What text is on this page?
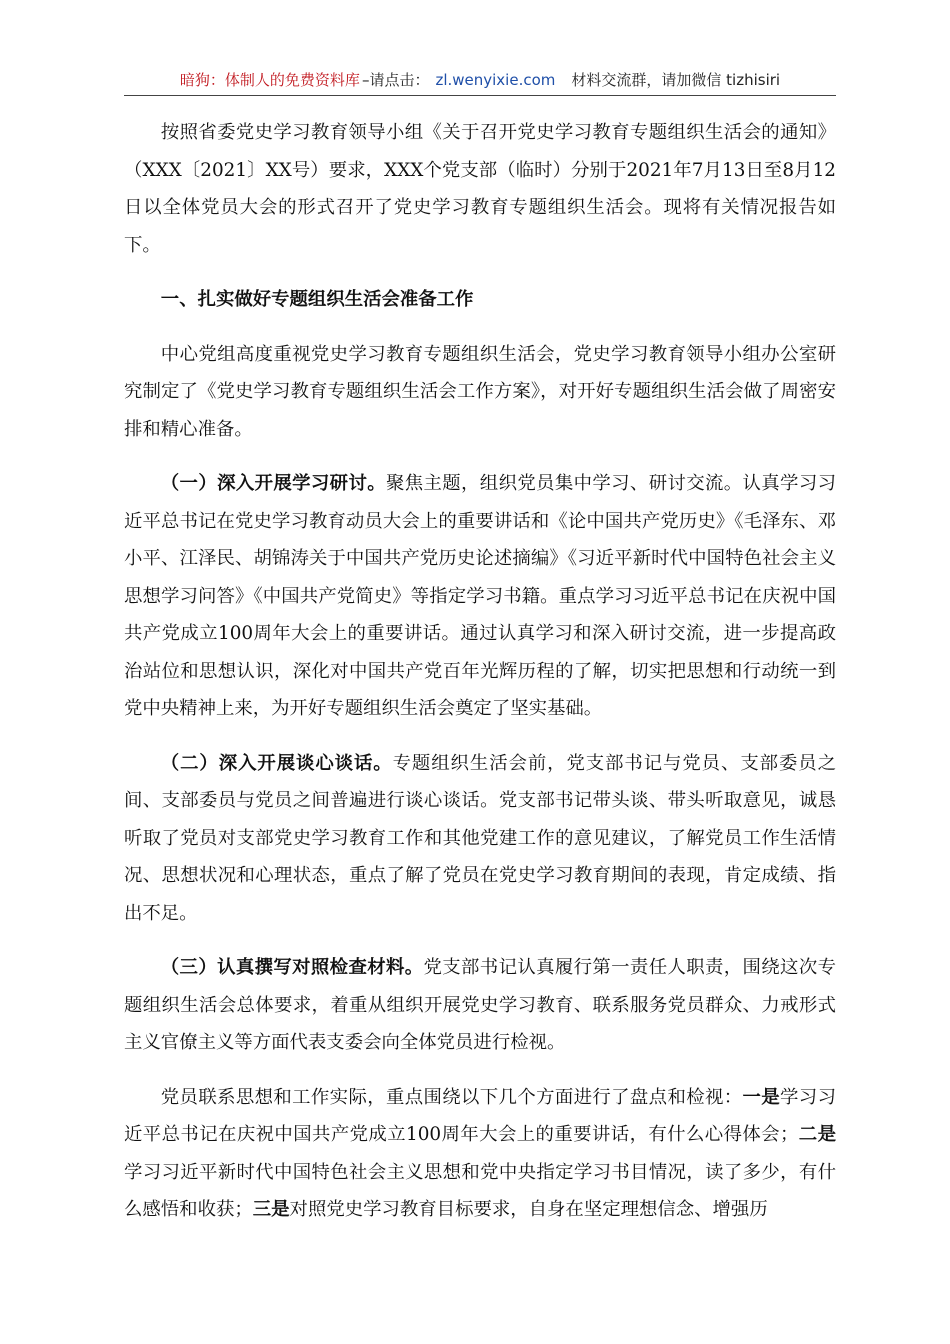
暗狗：体制人的免费资料库 –请点击： zl.wenyixie.com 材料交流群，请加微信 tizhisiri

按照省委党史学习教育领导小组《关于召开党史学习教育专题组织生活会的通知》（XXX〔2021〕XX号）要求，XXX个党支部（临时）分别于2021年7月13日至8月12日以全体党员大会的形式召开了党史学习教育专题组织生活会。现将有关情况报告如下。

一、扎实做好专题组织生活会准备工作

中心党组高度重视党史学习教育专题组织生活会，党史学习教育领导小组办公室研究制定了《党史学习教育专题组织生活会工作方案》，对开好专题组织生活会做了周密安排和精心准备。

（一）深入开展学习研讨。聚焦主题，组织党员集中学习、研讨交流。认真学习习近平总书记在党史学习教育动员大会上的重要讲话和《论中国共产党历史》《毛泽东、邓小平、江泽民、胡锦涛关于中国共产党历史论述摘编》《习近平新时代中国特色社会主义思想学习问答》《中国共产党简史》等指定学习书籍。重点学习习近平总书记在庆祝中国共产党成立100周年大会上的重要讲话。通过认真学习和深入研讨交流，进一步提高政治站位和思想认识，深化对中国共产党百年光辉历程的了解，切实把思想和行动统一到党中央精神上来，为开好专题组织生活会奠定了坚实基础。

（二）深入开展谈心谈话。专题组织生活会前，党支部书记与党员、支部委员之间、支部委员与党员之间普遍进行谈心谈话。党支部书记带头谈、带头听取意见，诚恳听取了党员对支部党史学习教育工作和其他党建工作的意见建议，了解党员工作生活情况、思想状况和心理状态，重点了解了党员在党史学习教育期间的表现，肯定成绩、指出不足。

（三）认真撰写对照检查材料。党支部书记认真履行第一责任人职责，围绕这次专题组织生活会总体要求，着重从组织开展党史学习教育、联系服务党员群众、力戒形式主义官僚主义等方面代表支委会向全体党员进行检视。

党员联系思想和工作实际，重点围绕以下几个方面进行了盘点和检视：一是学习习近平总书记在庆祝中国共产党成立100周年大会上的重要讲话，有什么心得体会；二是学习习近平新时代中国特色社会主义思想和党中央指定学习书目情况，读了多少，有什么感悟和收获；三是对照党史学习教育目标要求，自身在坚定理想信念、增强历
